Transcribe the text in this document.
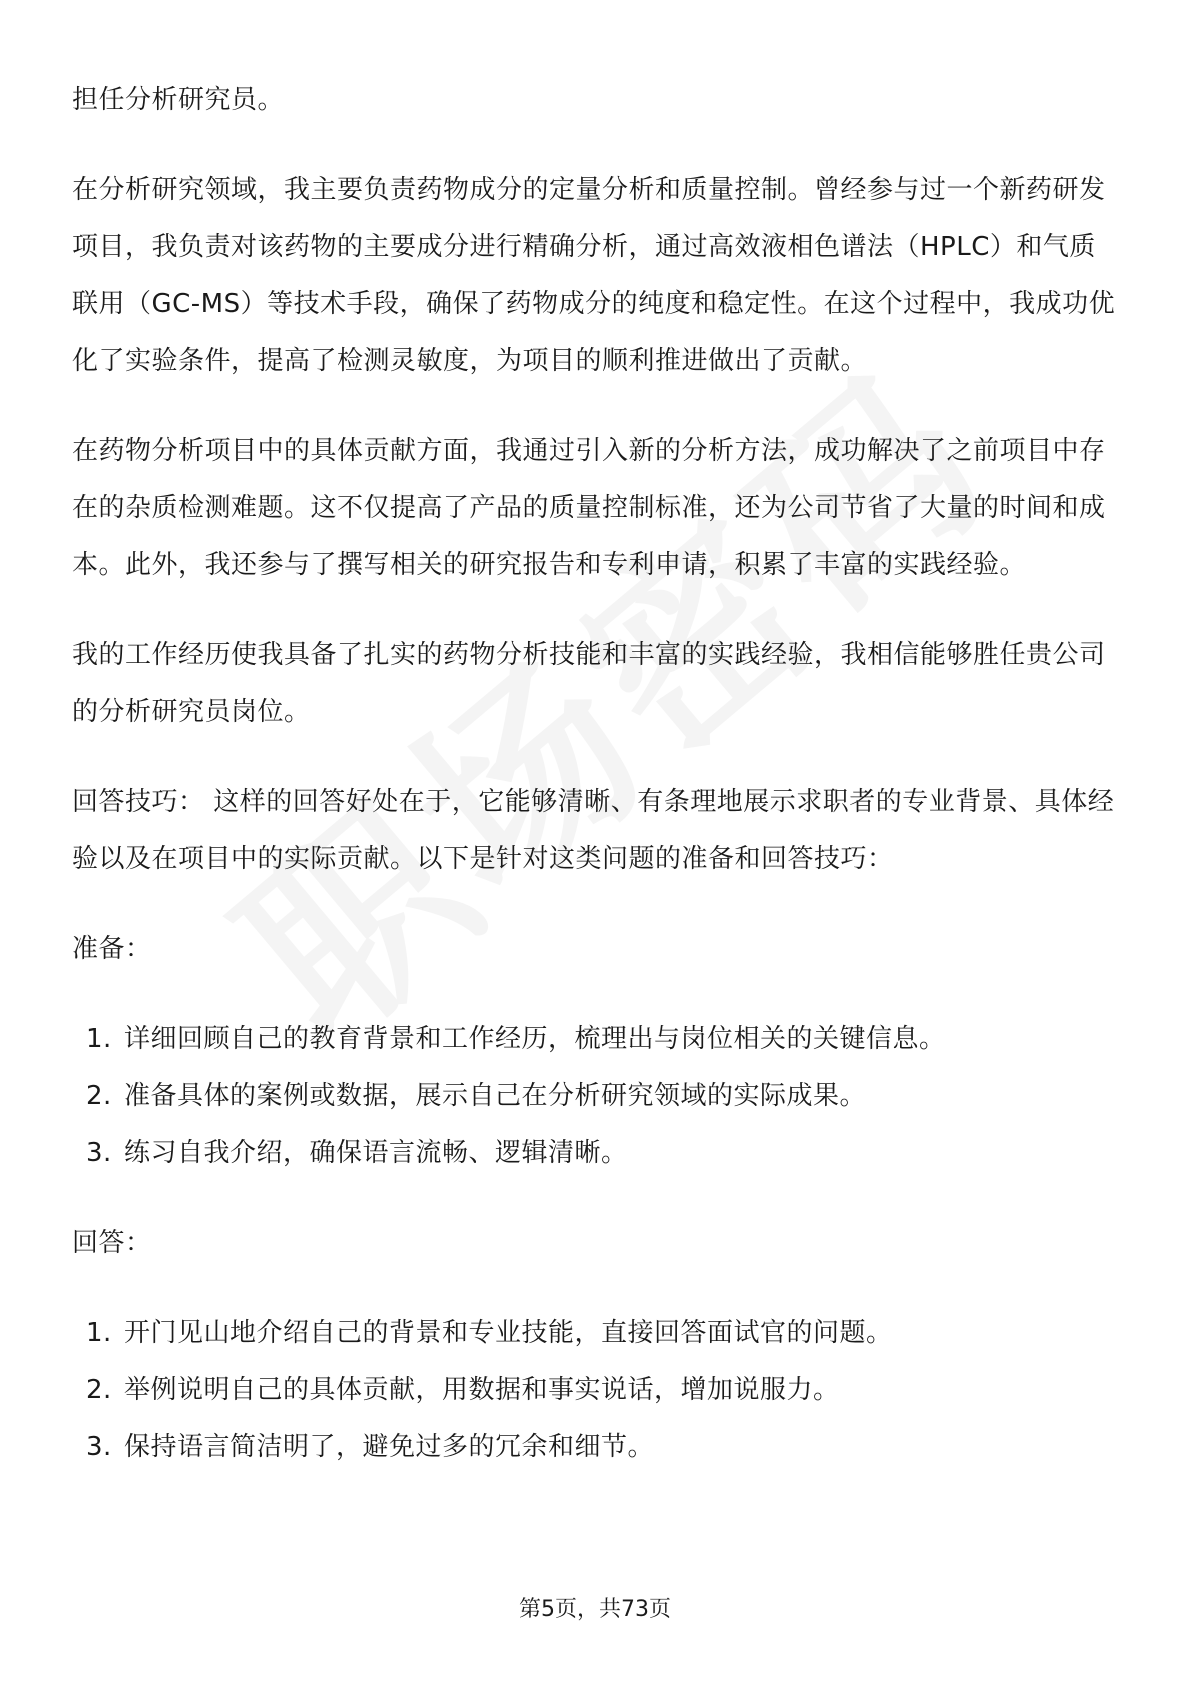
担任分析研究员。

在分析研究领域，我主要负责药物成分的定量分析和质量控制。曾经参与过一个新药研发项目，我负责对该药物的主要成分进行精确分析，通过高效液相色谱法（HPLC）和气质联用（GC-MS）等技术手段，确保了药物成分的纯度和稳定性。在这个过程中，我成功优化了实验条件，提高了检测灵敏度，为项目的顺利推进做出了贡献。

在药物分析项目中的具体贡献方面，我通过引入新的分析方法，成功解决了之前项目中存在的杂质检测难题。这不仅提高了产品的质量控制标准，还为公司节省了大量的时间和成本。此外，我还参与了撰写相关的研究报告和专利申请，积累了丰富的实践经验。

我的工作经历使我具备了扎实的药物分析技能和丰富的实践经验，我相信能够胜任贵公司的分析研究员岗位。

回答技巧： 这样的回答好处在于，它能够清晰、有条理地展示求职者的专业背景、具体经验以及在项目中的实际贡献。以下是针对这类问题的准备和回答技巧：

准备：

1. 详细回顾自己的教育背景和工作经历，梳理出与岗位相关的关键信息。
2. 准备具体的案例或数据，展示自己在分析研究领域的实际成果。
3. 练习自我介绍，确保语言流畅、逻辑清晰。

回答：

1. 开门见山地介绍自己的背景和专业技能，直接回答面试官的问题。
2. 举例说明自己的具体贡献，用数据和事实说话，增加说服力。
3. 保持语言简洁明了，避免过多的冗余和细节。
第5页，共73页
